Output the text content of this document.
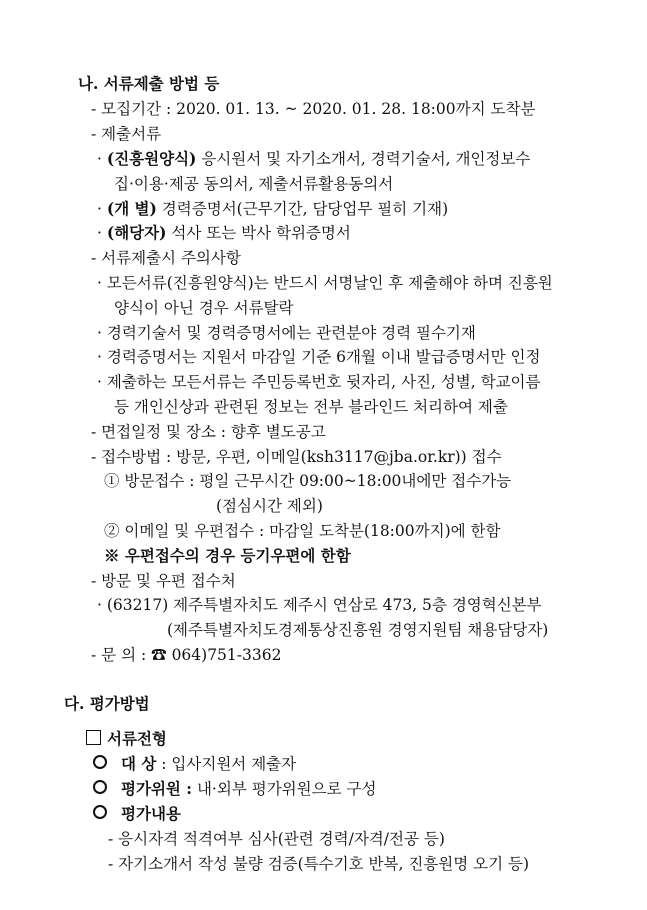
나. 서류제출 방법 등
- 모집기간 : 2020. 01. 13. ~ 2020. 01. 28. 18:00까지 도착분
- 제출서류
· (진흥원양식) 응시원서 및 자기소개서, 경력기술서, 개인정보수
집·이용·제공 동의서, 제출서류활용동의서
· (개 별) 경력증명서(근무기간, 담당업무 필히 기재)
· (해당자) 석사 또는 박사 학위증명서
- 서류제출시 주의사항
· 모든서류(진흥원양식)는 반드시 서명날인 후 제출해야 하며 진흥원
양식이 아닌 경우 서류탈락
· 경력기술서 및 경력증명서에는 관련분야 경력 필수기재
· 경력증명서는 지원서 마감일 기준 6개월 이내 발급증명서만 인정
· 제출하는 모든서류는 주민등록번호 뒷자리, 사진, 성별, 학교이름
등 개인신상과 관련된 정보는 전부 블라인드 처리하여 제출
- 면접일정 및 장소 : 향후 별도공고
- 접수방법 : 방문, 우편, 이메일(ksh3117@jba.or.kr)) 접수
① 방문접수 : 평일 근무시간 09:00~18:00내에만 접수가능
(점심시간 제외)
② 이메일 및 우편접수 : 마감일 도착분(18:00까지)에 한함
※ 우편접수의 경우 등기우편에 한함
- 방문 및 우편 접수처
· (63217) 제주특별자치도 제주시 연삼로 473, 5층 경영혁신본부
(제주특별자치도경제통상진흥원 경영지원팀 채용담당자)
- 문 의 : ☎ 064)751-3362
다. 평가방법
서류전형
대 상 : 입사지원서 제출자
평가위원 : 내·외부 평가위원으로 구성
평가내용
- 응시자격 적격여부 심사(관련 경력/자격/전공 등)
- 자기소개서 작성 불량 검증(특수기호 반복, 진흥원명 오기 등)
